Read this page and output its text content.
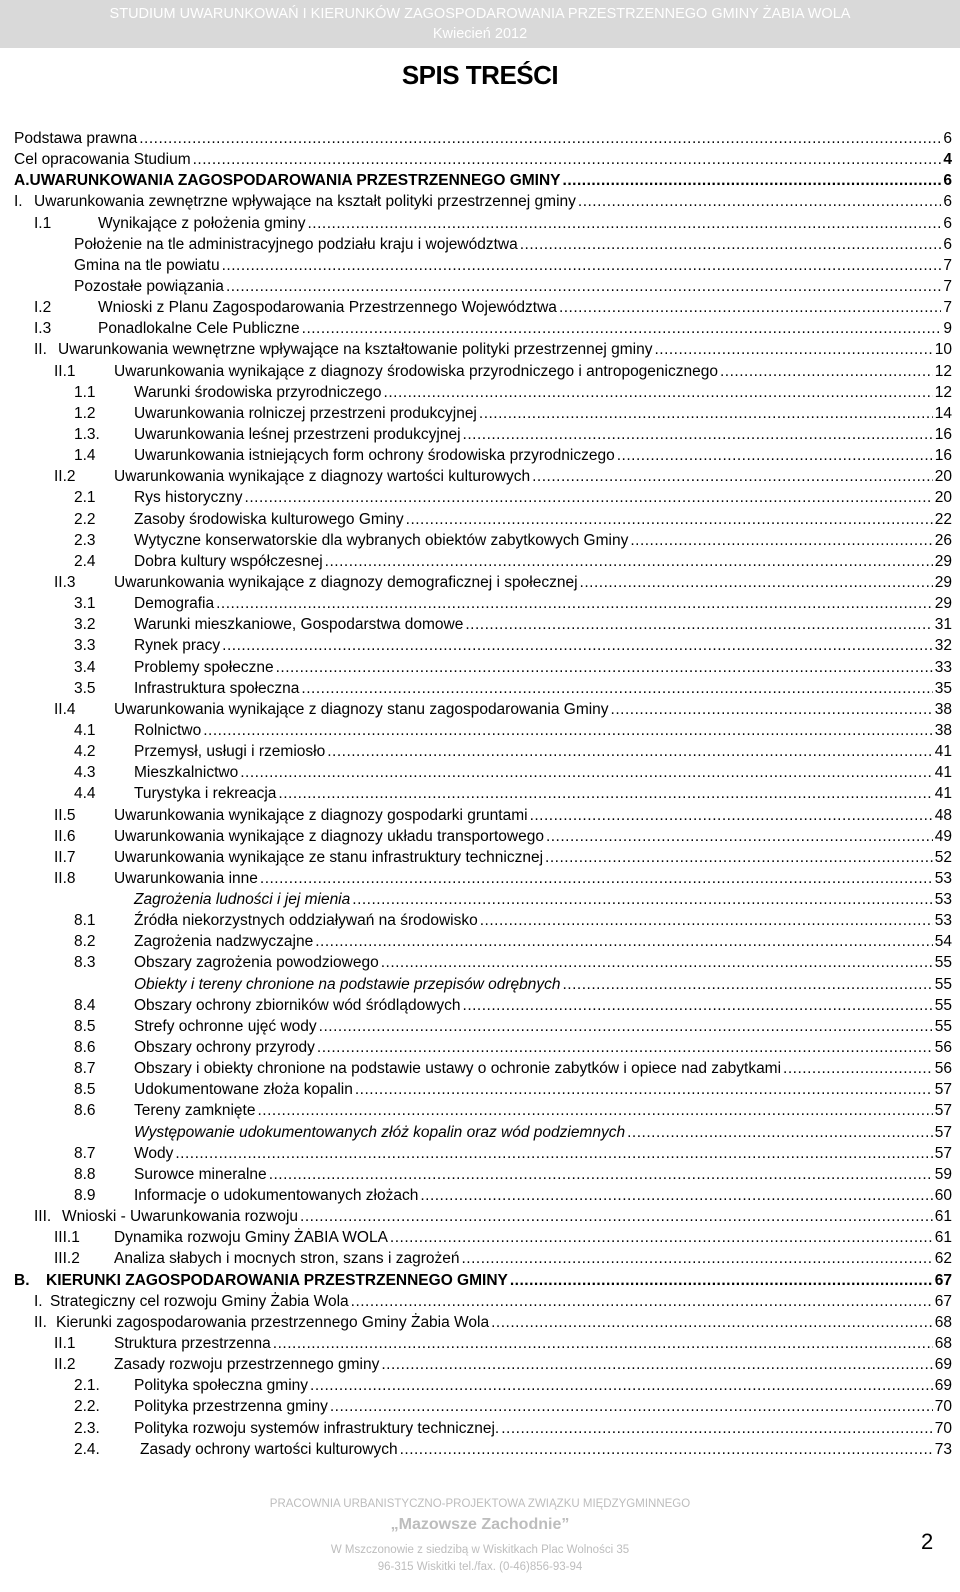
STUDIUM UWARUNKOWAŃ I KIERUNKÓW ZAGOSPODAROWANIA PRZESTRZENNEGO GMINY ŻABIA WOLA
Kwiecień 2012
SPIS TREŚCI
Podstawa prawna .....	6
Cel opracowania Studium .....	4
A.UWARUNKOWANIA ZAGOSPODAROWANIA PRZESTRZENNEGO GMINY .....	6
I. Uwarunkowania zewnętrzne wpływające na kształt polityki przestrzennej gminy .....	6
I.1	Wynikające z położenia gminy .....	6
Położenie na tle administracyjnego podziału kraju i województwa .....	6
Gmina na tle powiatu .....	7
Pozostałe powiązania .....	7
I.2	Wnioski z Planu Zagospodarowania Przestrzennego Województwa .....	7
I.3	Ponadlokalne Cele Publiczne .....	9
II. Uwarunkowania wewnętrzne wpływające na kształtowanie polityki przestrzennej gminy .....	10
II.1	Uwarunkowania wynikające z diagnozy środowiska przyrodniczego i antropogenicznego .....	12
1.1	Warunki środowiska przyrodniczego .....	12
1.2	Uwarunkowania rolniczej przestrzeni produkcyjnej .....	14
1.3.	Uwarunkowania leśnej przestrzeni produkcyjnej .....	16
1.4	Uwarunkowania istniejących form ochrony środowiska przyrodniczego .....	16
II.2	Uwarunkowania wynikające z diagnozy wartości kulturowych .....	20
2.1	Rys historyczny .....	20
2.2	Zasoby środowiska kulturowego Gminy .....	22
2.3	Wytyczne konserwatorskie dla wybranych obiektów zabytkowych Gminy .....	26
2.4	Dobra kultury współczesnej .....	29
II.3	Uwarunkowania wynikające z diagnozy demograficznej i społecznej .....	29
3.1	Demografia .....	29
3.2	Warunki mieszkaniowe, Gospodarstwa domowe .....	31
3.3	Rynek pracy .....	32
3.4	Problemy społeczne .....	33
3.5	Infrastruktura społeczna .....	35
II.4	Uwarunkowania wynikające z diagnozy stanu zagospodarowania Gminy .....	38
4.1	Rolnictwo .....	38
4.2	Przemysł, usługi i rzemiosło .....	41
4.3	Mieszkalnictwo .....	41
4.4	Turystyka i rekreacja .....	41
II.5	Uwarunkowania wynikające z diagnozy gospodarki gruntami .....	48
II.6	Uwarunkowania wynikające z diagnozy układu transportowego .....	49
II.7	Uwarunkowania wynikające ze stanu infrastruktury technicznej .....	52
II.8	Uwarunkowania inne .....	53
Zagrożenia ludności i jej mienia .....	53
8.1	Źródła niekorzystnych oddziaływań na środowisko .....	53
8.2	Zagrożenia nadzwyczajne .....	54
8.3	Obszary zagrożenia powodziowego .....	55
Obiekty i tereny chronione na podstawie przepisów odrębnych .....	55
8.4	Obszary ochrony zbiorników wód śródlądowych .....	55
8.5	Strefy ochronne ujęć wody .....	55
8.6	Obszary ochrony przyrody .....	56
8.7	Obszary i obiekty chronione na podstawie ustawy o ochronie zabytków i opiece nad zabytkami .....	56
8.5	Udokumentowane złoża kopalin .....	57
8.6	Tereny zamknięte .....	57
Występowanie udokumentowanych złóż kopalin oraz wód podziemnych .....	57
8.7	Wody .....	57
8.8	Surowce mineralne .....	59
8.9	Informacje o udokumentowanych złożach .....	60
III. Wnioski - Uwarunkowania rozwoju .....	61
III.1	Dynamika rozwoju Gminy ŻABIA WOLA .....	61
III.2	Analiza słabych i mocnych stron, szans i zagrożeń .....	62
B.	KIERUNKI ZAGOSPODAROWANIA PRZESTRZENNEGO GMINY .....	67
I. Strategiczny cel rozwoju Gminy Żabia Wola .....	67
II. Kierunki zagospodarowania przestrzennego Gminy Żabia Wola .....	68
II.1	Struktura przestrzenna .....	68
II.2	Zasady rozwoju przestrzennego gminy .....	69
2.1.	Polityka społeczna gminy .....	69
2.2.	Polityka przestrzenna gminy .....	70
2.3.	Polityka rozwoju systemów infrastruktury technicznej. .....	70
2.4.	Zasady ochrony wartości kulturowych .....	73
PRACOWNIA URBANISTYCZNO-PROJEKTOWA ZWIĄZKU MIĘDZYGMINNEGO
„Mazowsze Zachodnie”
W Mszczonowie z siedzibą w Wiskitkach Plac Wolności 35
96-315 Wiskitki tel./fax. (0-46)856-93-94
2
